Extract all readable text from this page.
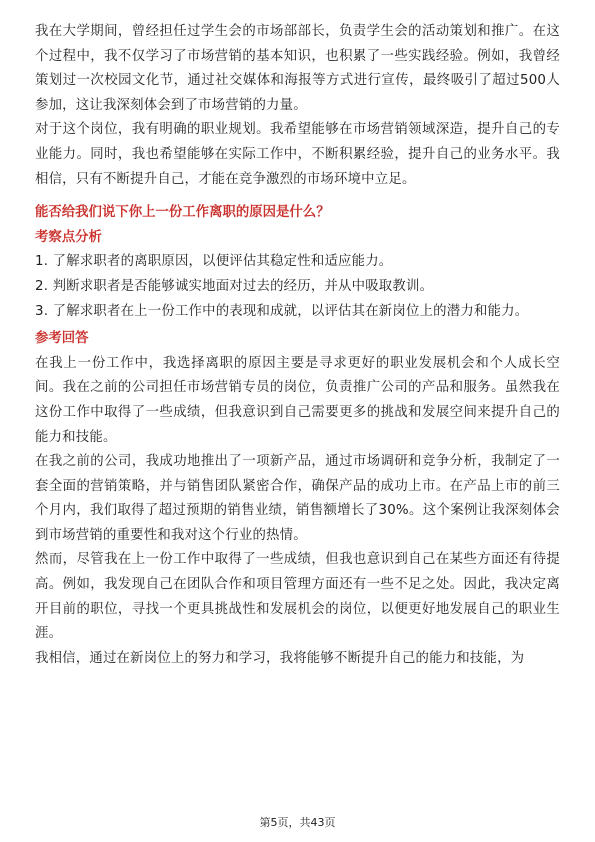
我在大学期间，曾经担任过学生会的市场部部长，负责学生会的活动策划和推广。在这个过程中，我不仅学习了市场营销的基本知识，也积累了一些实践经验。例如，我曾经策划过一次校园文化节，通过社交媒体和海报等方式进行宣传，最终吸引了超过500人参加，这让我深刻体会到了市场营销的力量。

对于这个岗位，我有明确的职业规划。我希望能够在市场营销领域深造，提升自己的专业能力。同时，我也希望能够在实际工作中，不断积累经验，提升自己的业务水平。我相信，只有不断提升自己，才能在竞争激烈的市场环境中立足。

能否给我们说下你上一份工作离职的原因是什么？

考察点分析

1. 了解求职者的离职原因，以便评估其稳定性和适应能力。

2. 判断求职者是否能够诚实地面对过去的经历，并从中吸取教训。

3. 了解求职者在上一份工作中的表现和成就，以评估其在新岗位上的潜力和能力。

参考回答

在我上一份工作中，我选择离职的原因主要是寻求更好的职业发展机会和个人成长空间。我在之前的公司担任市场营销专员的岗位，负责推广公司的产品和服务。虽然我在这份工作中取得了一些成绩，但我意识到自己需要更多的挑战和发展空间来提升自己的能力和技能。

在我之前的公司，我成功地推出了一项新产品，通过市场调研和竞争分析，我制定了一套全面的营销策略，并与销售团队紧密合作，确保产品的成功上市。在产品上市的前三个月内，我们取得了超过预期的销售业绩，销售额增长了30%。这个案例让我深刻体会到市场营销的重要性和我对这个行业的热情。

然而，尽管我在上一份工作中取得了一些成绩，但我也意识到自己在某些方面还有待提高。例如，我发现自己在团队合作和项目管理方面还有一些不足之处。因此，我决定离开目前的职位，寻找一个更具挑战性和发展机会的岗位，以便更好地发展自己的职业生涯。

我相信，通过在新岗位上的努力和学习，我将能够不断提升自己的能力和技能，为

第5页，共43页
